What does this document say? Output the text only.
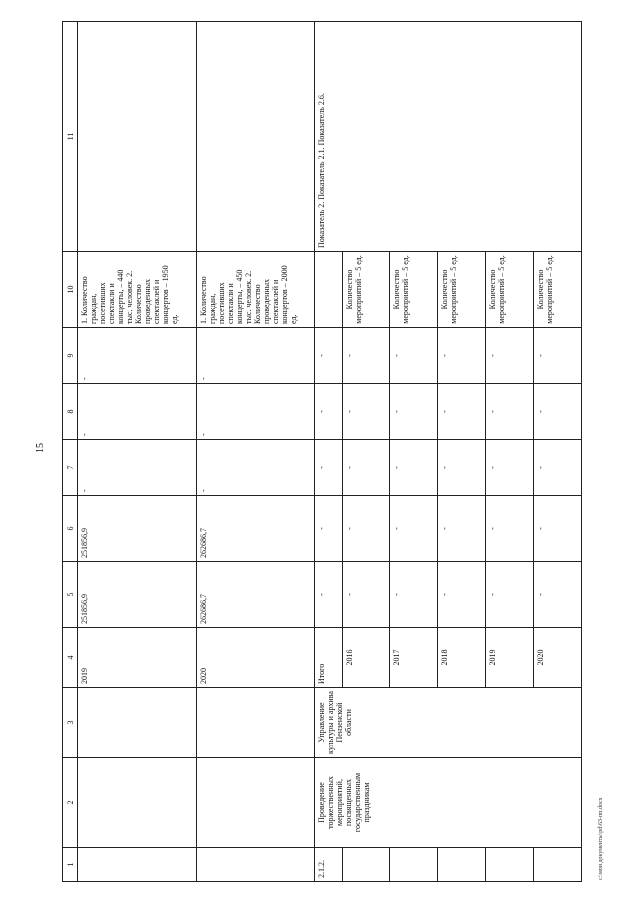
15
1	2	3	4	5	6	7	8	9	10	11
			2019	251856,9	251856,9	-	-	-	1. Количество граждан, посетивших спектакли и концерты, – 440 тыс. человек. 2. Количество проведенных спектаклей и концертов – 1950 ед.	
			2020	262686,7	262686,7	-	-	-	1. Количество граждан, посетивших спектакли и концерты, – 450 тыс. человек. 2. Количество проведенных спектаклей и концертов – 2000 ед.	
2.1.2.	Проведение торжественных мероприятий, посвященных государственным праздникам	Управление культуры и архива Пензенской области	Итого	-	-	-	-	-		Показатель 2. Показатель 2.1. Показатель 2.6.
			2016	-	-	-	-	-	Количество мероприятий – 5 ед.	
			2017	-	-	-	-	-	Количество мероприятий – 5 ед.	
			2018	-	-	-	-	-	Количество мероприятий – 5 ед.	
			2019	-	-	-	-	-	Количество мероприятий – 5 ед.	
			2020	-	-	-	-	-	Количество мероприятий – 5 ед.	
c:\мои документы\pd\63-пп.docx
